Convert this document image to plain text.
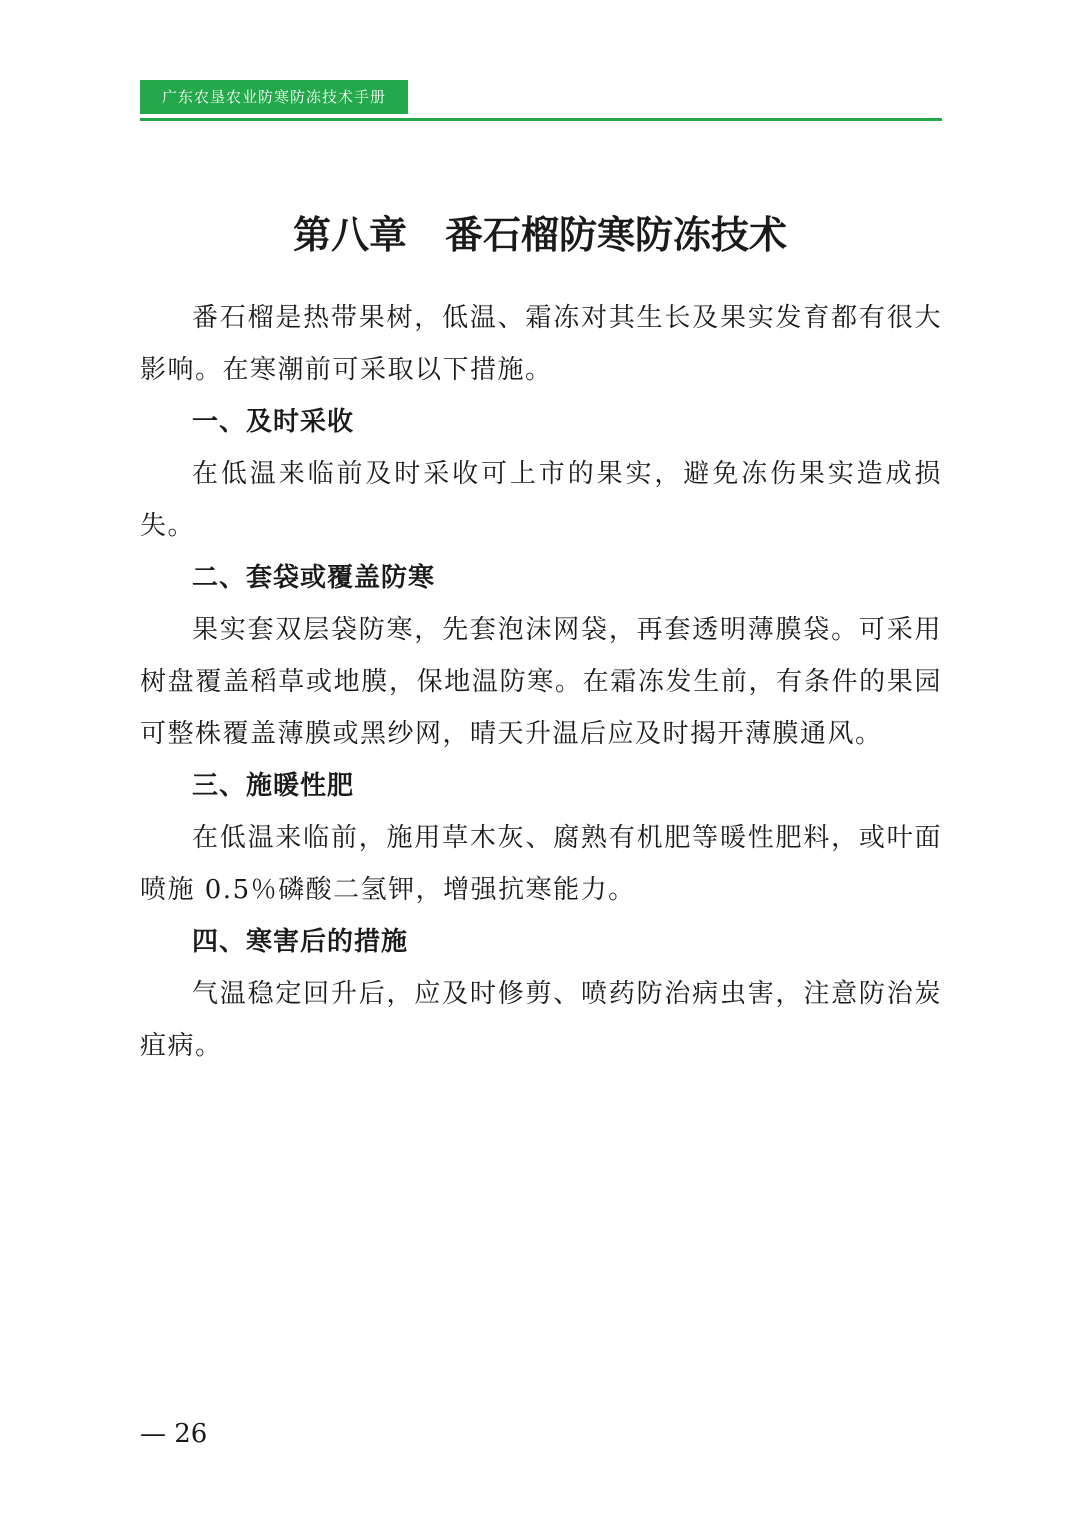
广东农垦农业防寒防冻技术手册
第八章　番石榴防寒防冻技术

番石榴是热带果树，低温、霜冻对其生长及果实发育都有很大影响。在寒潮前可采取以下措施。

一、及时采收

在低温来临前及时采收可上市的果实，避免冻伤果实造成损失。

二、套袋或覆盖防寒

果实套双层袋防寒，先套泡沫网袋，再套透明薄膜袋。可采用树盘覆盖稻草或地膜，保地温防寒。在霜冻发生前，有条件的果园可整株覆盖薄膜或黑纱网，晴天升温后应及时揭开薄膜通风。

三、施暖性肥

在低温来临前，施用草木灰、腐熟有机肥等暖性肥料，或叶面喷施 0.5％磷酸二氢钾，增强抗寒能力。

四、寒害后的措施

气温稳定回升后，应及时修剪、喷药防治病虫害，注意防治炭疽病。

— 26
